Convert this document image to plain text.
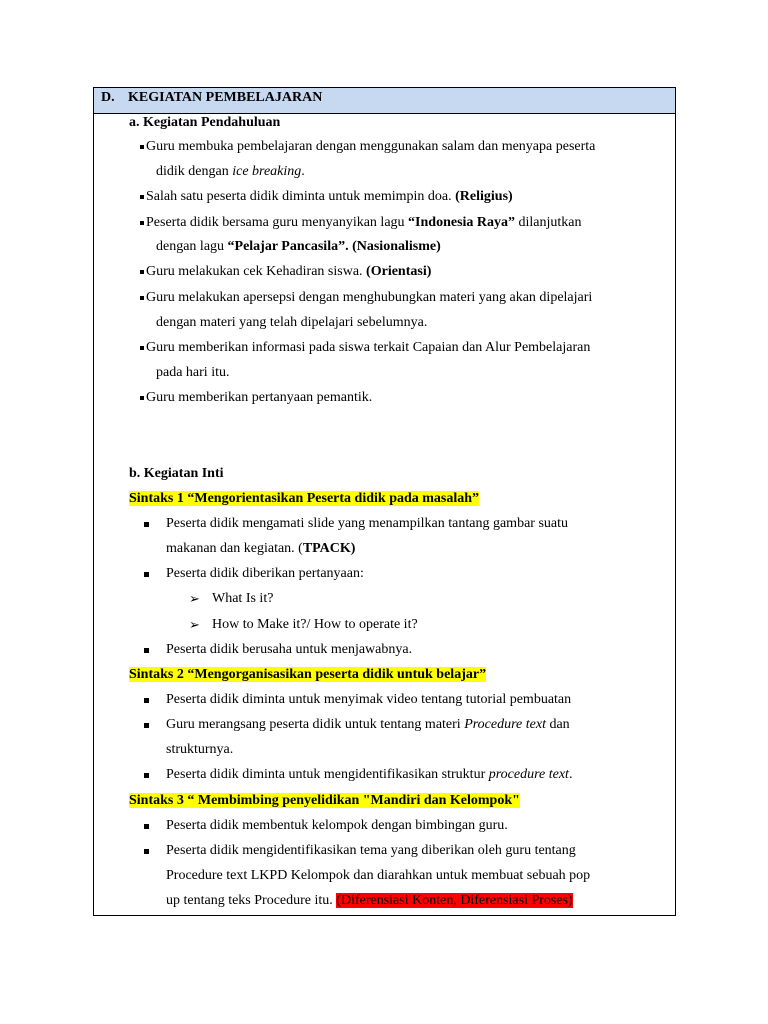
D. KEGIATAN PEMBELAJARAN
a. Kegiatan Pendahuluan
Guru membuka pembelajaran dengan menggunakan salam dan menyapa peserta
didik dengan ice breaking.
Salah satu peserta didik diminta untuk memimpin doa. (Religius)
Peserta didik bersama guru menyanyikan lagu “Indonesia Raya” dilanjutkan
dengan lagu “Pelajar Pancasila”. (Nasionalisme)
Guru melakukan cek Kehadiran siswa. (Orientasi)
Guru melakukan apersepsi dengan menghubungkan materi yang akan dipelajari
dengan materi yang telah dipelajari sebelumnya.
Guru memberikan informasi pada siswa terkait Capaian dan Alur Pembelajaran
pada hari itu.
Guru memberikan pertanyaan pemantik.
b. Kegiatan Inti
Sintaks 1 “Mengorientasikan Peserta didik pada masalah”
Peserta didik mengamati slide yang menampilkan tantang gambar suatu
makanan dan kegiatan. (TPACK)
Peserta didik diberikan pertanyaan:
➢ What Is it?
➢ How to Make it?/ How to operate it?
Peserta didik berusaha untuk menjawabnya.
Sintaks 2 “Mengorganisasikan peserta didik untuk belajar”
Peserta didik diminta untuk menyimak video tentang tutorial pembuatan
Guru merangsang peserta didik untuk tentang materi Procedure text dan
strukturnya.
Peserta didik diminta untuk mengidentifikasikan struktur procedure text.
Sintaks 3 “ Membimbing penyelidikan "Mandiri dan Kelompok"
Peserta didik membentuk kelompok dengan bimbingan guru.
Peserta didik mengidentifikasikan tema yang diberikan oleh guru tentang
Procedure text LKPD Kelompok dan diarahkan untuk membuat sebuah pop
up tentang teks Procedure itu. (Diferensiasi Konten, Diferensiasi Proses)
